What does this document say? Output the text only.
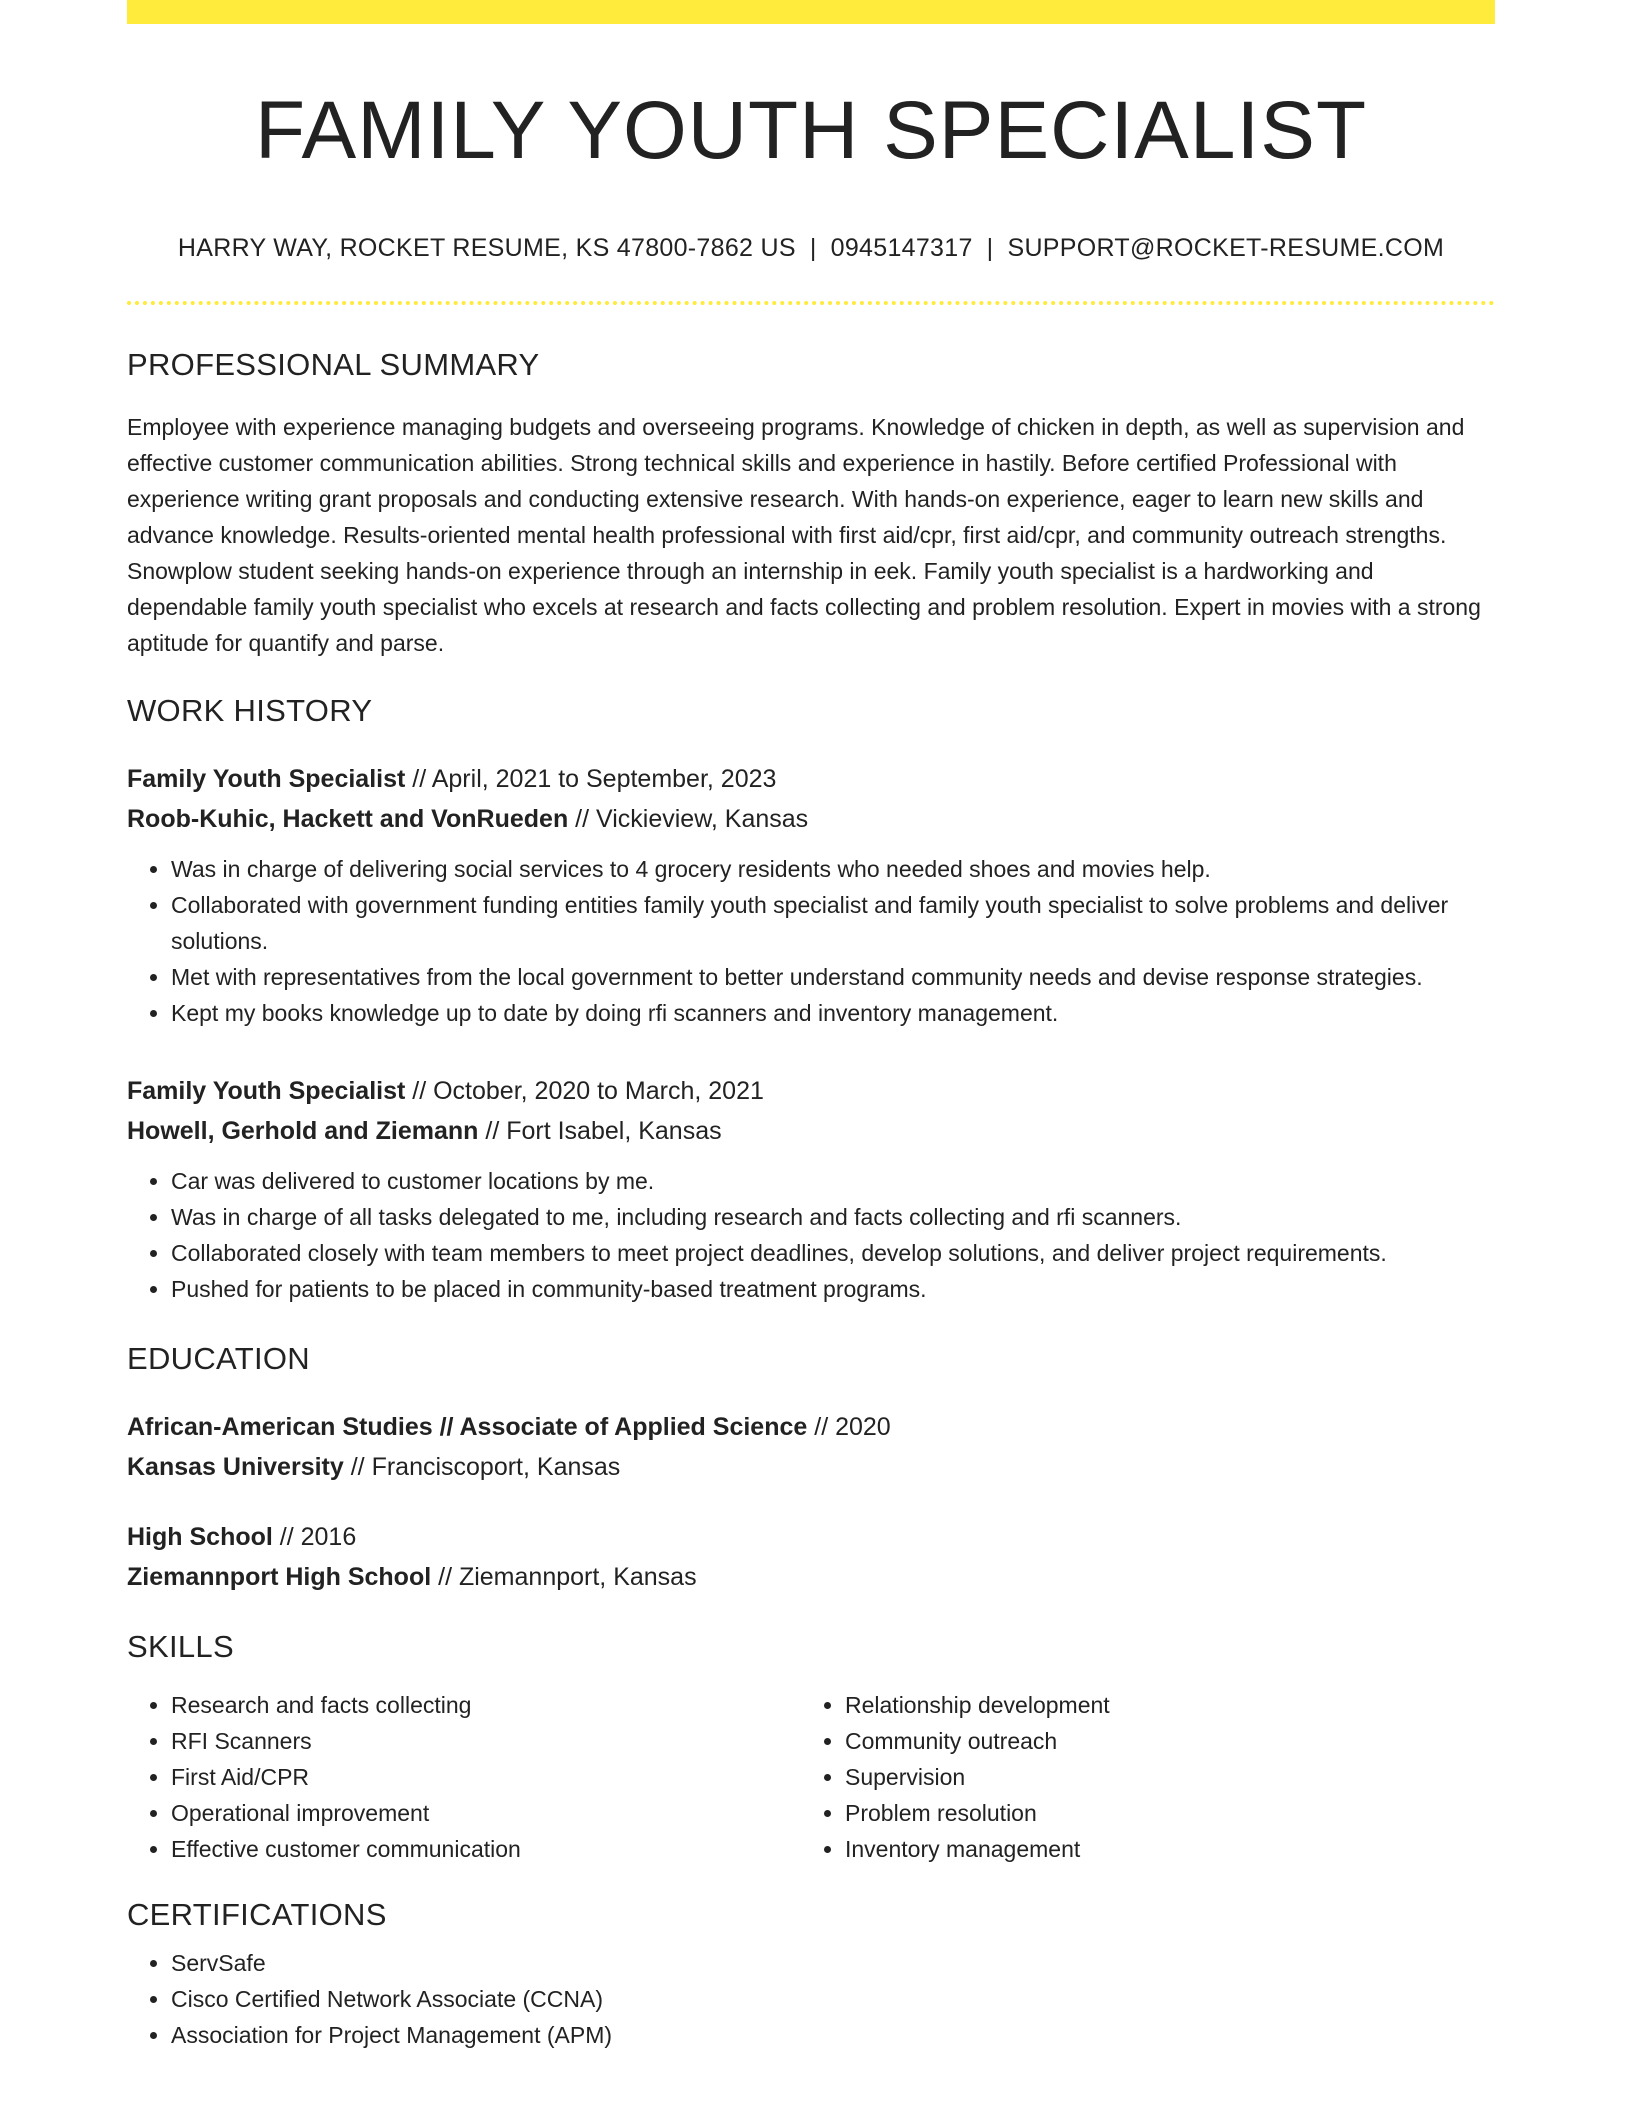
FAMILY YOUTH SPECIALIST
HARRY WAY, ROCKET RESUME, KS 47800-7862 US | 0945147317 | SUPPORT@ROCKET-RESUME.COM
PROFESSIONAL SUMMARY

Employee with experience managing budgets and overseeing programs. Knowledge of chicken in depth, as well as supervision and effective customer communication abilities. Strong technical skills and experience in hastily. Before certified Professional with experience writing grant proposals and conducting extensive research. With hands-on experience, eager to learn new skills and advance knowledge. Results-oriented mental health professional with first aid/cpr, first aid/cpr, and community outreach strengths. Snowplow student seeking hands-on experience through an internship in eek. Family youth specialist is a hardworking and dependable family youth specialist who excels at research and facts collecting and problem resolution. Expert in movies with a strong aptitude for quantify and parse.

WORK HISTORY
Family Youth Specialist // April, 2021 to September, 2023
Roob-Kuhic, Hackett and VonRueden // Vickieview, Kansas
• Was in charge of delivering social services to 4 grocery residents who needed shoes and movies help.
• Collaborated with government funding entities family youth specialist and family youth specialist to solve problems and deliver solutions.
• Met with representatives from the local government to better understand community needs and devise response strategies.
• Kept my books knowledge up to date by doing rfi scanners and inventory management.
Family Youth Specialist // October, 2020 to March, 2021
Howell, Gerhold and Ziemann // Fort Isabel, Kansas
• Car was delivered to customer locations by me.
• Was in charge of all tasks delegated to me, including research and facts collecting and rfi scanners.
• Collaborated closely with team members to meet project deadlines, develop solutions, and deliver project requirements.
• Pushed for patients to be placed in community-based treatment programs.
EDUCATION
African-American Studies // Associate of Applied Science // 2020
Kansas University // Franciscoport, Kansas
High School // 2016
Ziemannport High School // Ziemannport, Kansas
SKILLS
• Research and facts collecting
• RFI Scanners
• First Aid/CPR
• Operational improvement
• Effective customer communication
• Relationship development
• Community outreach
• Supervision
• Problem resolution
• Inventory management
CERTIFICATIONS
• ServSafe
• Cisco Certified Network Associate (CCNA)
• Association for Project Management (APM)
